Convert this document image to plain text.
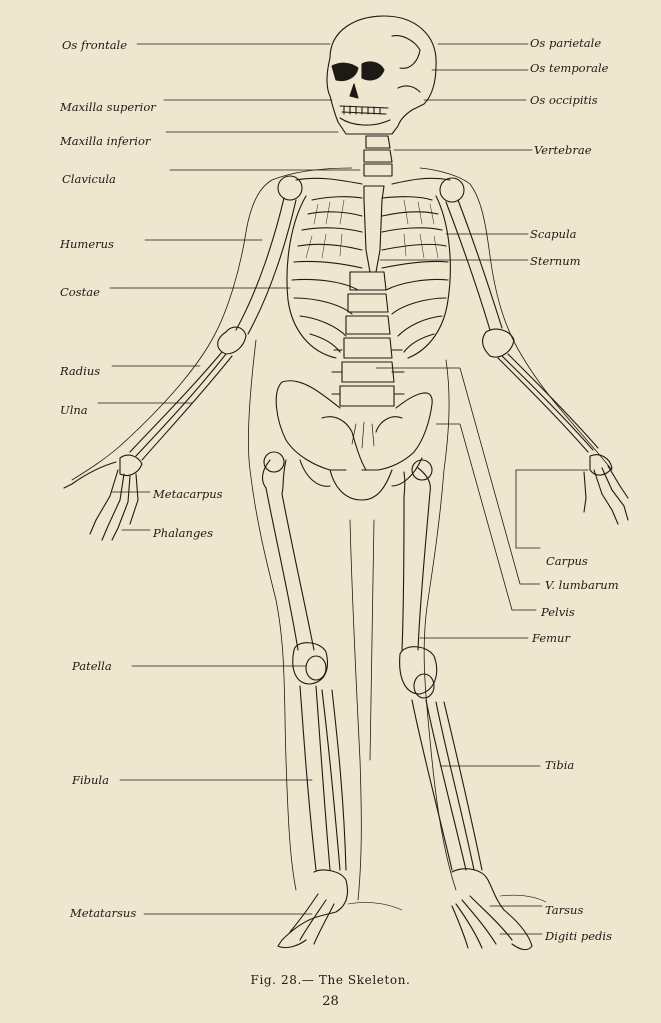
Os frontale
Maxilla superior
Maxilla inferior
Clavicula
Humerus
Costae
Radius
Ulna
Metacarpus
Phalanges
Patella
Fibula
Metatarsus
Os parietale
Os temporale
Os occipitis
Vertebrae
Scapula
Sternum
Carpus
V. lumbarum
Pelvis
Femur
Tibia
Tarsus
Digiti pedis
Fig. 28.— The Skeleton.
28
